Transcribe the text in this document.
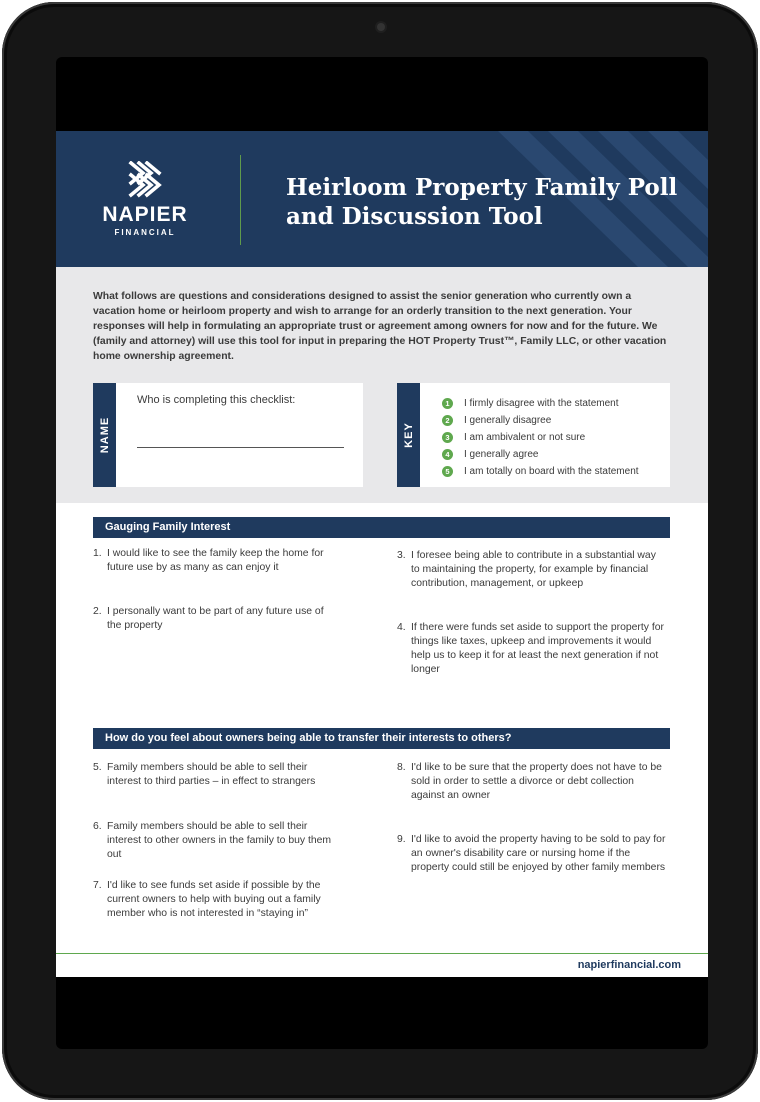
NAPIER
FINANCIAL
Heirloom Property Family Poll
and Discussion Tool

What follows are questions and considerations designed to assist the senior generation who currently own a vacation home or heirloom property and wish to arrange for an orderly transition to the next generation. Your responses will help in formulating an appropriate trust or agreement among owners for now and for the future. We (family and attorney) will use this tool for input in preparing the HOT Property Trust™, Family LLC, or other vacation home ownership agreement.

NAME
Who is completing this checklist:
KEY
1	I firmly disagree with the statement
2	I generally disagree
3	I am ambivalent or not sure
4	I generally agree
5	I am totally on board with the statement
Gauging Family Interest
1. I would like to see the family keep the home for future use by as many as can enjoy it
2. I personally want to be part of any future use of the property
3. I foresee being able to contribute in a substantial way to maintaining the property, for example by financial contribution, management, or upkeep
4. If there were funds set aside to support the property for things like taxes, upkeep and improvements it would help us to keep it for at least the next generation if not longer
How do you feel about owners being able to transfer their interests to others?
5. Family members should be able to sell their interest to third parties – in effect to strangers
6. Family members should be able to sell their interest to other owners in the family to buy them out
7. I'd like to see funds set aside if possible by the current owners to help with buying out a family member who is not interested in “staying in”
8. I'd like to be sure that the property does not have to be sold in order to settle a divorce or debt collection against an owner
9. I'd like to avoid the property having to be sold to pay for an owner's disability care or nursing home if the property could still be enjoyed by other family members
napierfinancial.com
